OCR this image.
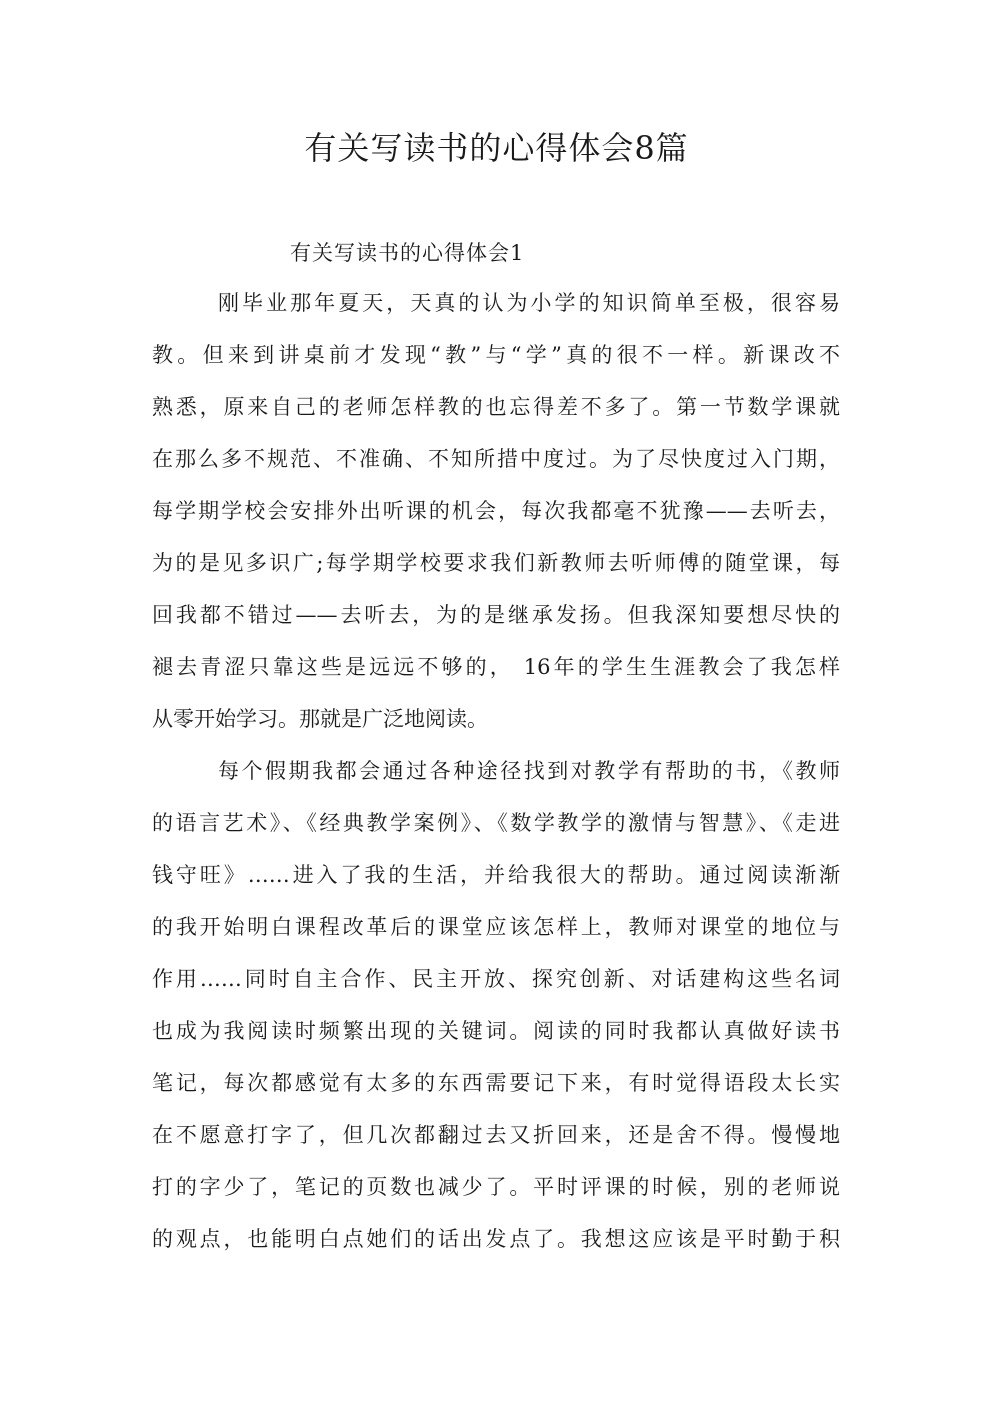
有关写读书的心得体会8篇

有关写读书的心得体会1

刚毕业那年夏天，天真的认为小学的知识简单至极，很容易

教。但来到讲桌前才发现“教”与“学”真的很不一样。新课改不

熟悉，原来自己的老师怎样教的也忘得差不多了。第一节数学课就

在那么多不规范、不准确、不知所措中度过。为了尽快度过入门期，

每学期学校会安排外出听课的机会，每次我都毫不犹豫——去听去，

为的是见多识广;每学期学校要求我们新教师去听师傅的随堂课，每

回我都不错过——去听去，为的是继承发扬。但我深知要想尽快的

褪去青涩只靠这些是远远不够的， 16年的学生生涯教会了我怎样

从零开始学习。那就是广泛地阅读。

每个假期我都会通过各种途径找到对教学有帮助的书，《教师

的语言艺术》、《经典教学案例》、《数学教学的激情与智慧》、《走进

钱守旺》……进入了我的生活，并给我很大的帮助。通过阅读渐渐

的我开始明白课程改革后的课堂应该怎样上，教师对课堂的地位与

作用……同时自主合作、民主开放、探究创新、对话建构这些名词

也成为我阅读时频繁出现的关键词。阅读的同时我都认真做好读书

笔记，每次都感觉有太多的东西需要记下来，有时觉得语段太长实

在不愿意打字了，但几次都翻过去又折回来，还是舍不得。慢慢地

打的字少了，笔记的页数也减少了。平时评课的时候，别的老师说

的观点，也能明白点她们的话出发点了。我想这应该是平时勤于积
